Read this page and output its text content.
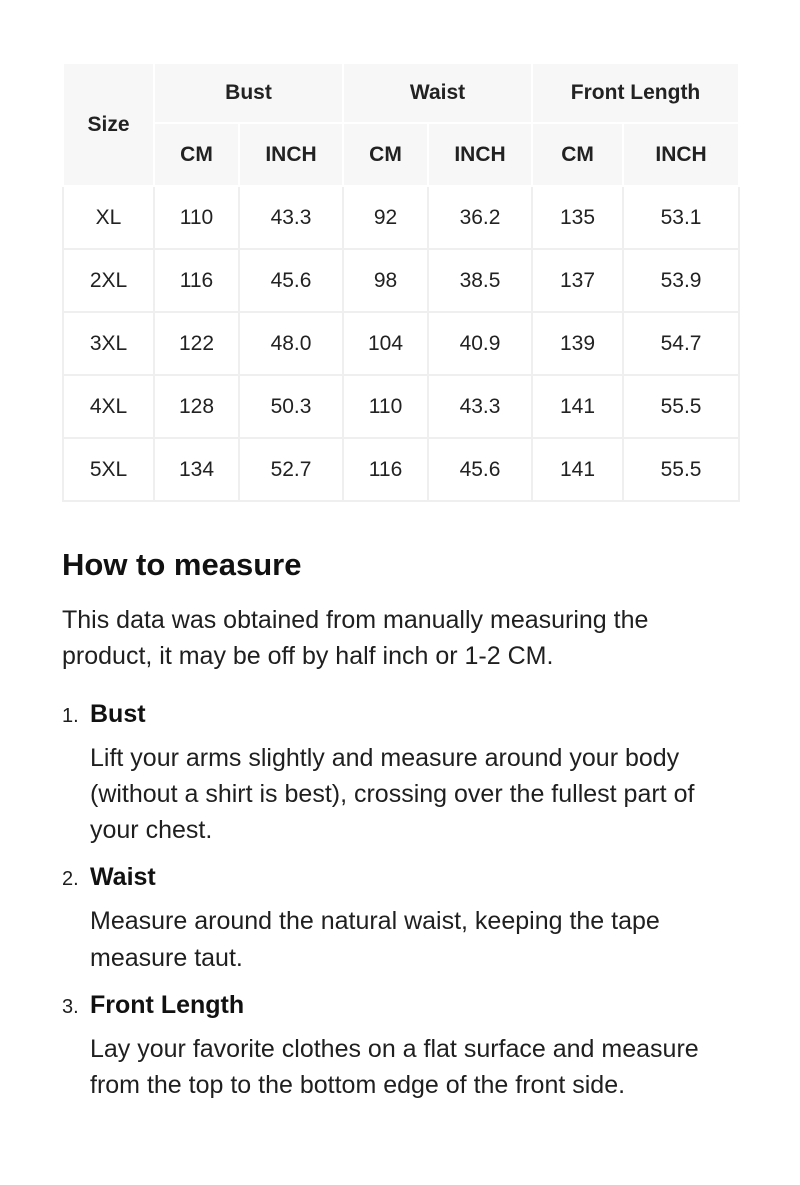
Size	Bust		Waist		Front Length	
	CM	INCH	CM	INCH	CM	INCH
XL	110	43.3	92	36.2	135	53.1
2XL	116	45.6	98	38.5	137	53.9
3XL	122	48.0	104	40.9	139	54.7
4XL	128	50.3	110	43.3	141	55.5
5XL	134	52.7	116	45.6	141	55.5
How to measure

This data was obtained from manually measuring the product, it may be off by half inch or 1-2 CM.

1. Bust

Lift your arms slightly and measure around your body (without a shirt is best), crossing over the fullest part of your chest.

2. Waist

Measure around the natural waist, keeping the tape measure taut.

3. Front Length

Lay your favorite clothes on a flat surface and measure from the top to the bottom edge of the front side.
